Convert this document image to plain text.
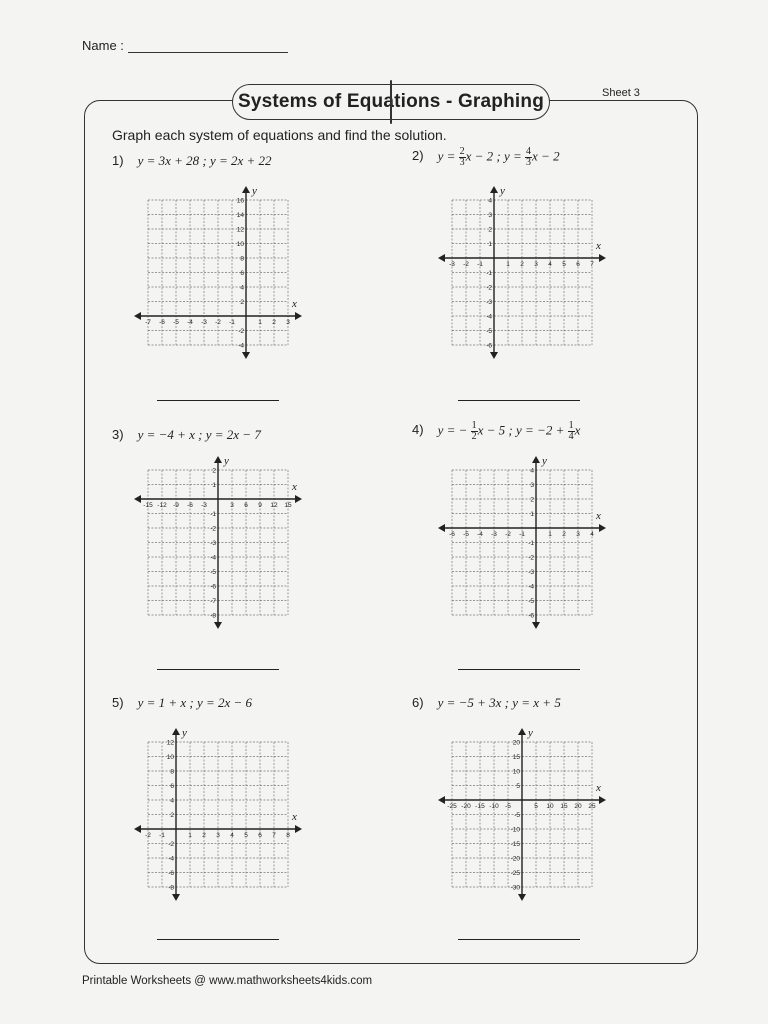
Name :
Systems of Equations - Graphing	Sheet 3
Graph each system of equations and find the solution.
1) y = 3x + 28 ; y = 2x + 22	2) $y = \frac{2}{3}$ x − 2 ; $y = \frac{4}{3}$ x − 2
3) y = −4 + x ; y = 2x − 7	4) y = − $\frac{1}{2}$ x − 5 ; $y = -2 + \frac{1}{4}$ x
5) y = 1 + x ; y = 2x − 6	6) y = −5 + 3x ; y = x + 5
x
y
-7 -6 -5 -4 -3 -2 -1	1 2 3
16
14
12
10
8
6
4
2
-2
-4
x
y
-3 -2 -1	1 2 3 4 5 6 7
4
3
2
1
-1
-2
-3
-4
-5
-6
x
y
-15 -12 -9 -6 -3	3 6 9 12 15
2
1
-1
-2
-3
-4
-5
-6
-7
-8
x
y
-6 -5 -4 -3 -2 -1	1 2 3 4
4
3
2
1
-1
-2
-3
-4
-5
-6
x
y
-2 -1	1 2 3 4 5 6 7 8
12
10
8
6
4
2
-2
-4
-6
-8
x
y
-25 -20 -15 -10 -5	5 10 15 20 25
20
15
10
5
-5
-10
-15
-20
-25
-30
Printable Worksheets @ www.mathworksheets4kids.com
